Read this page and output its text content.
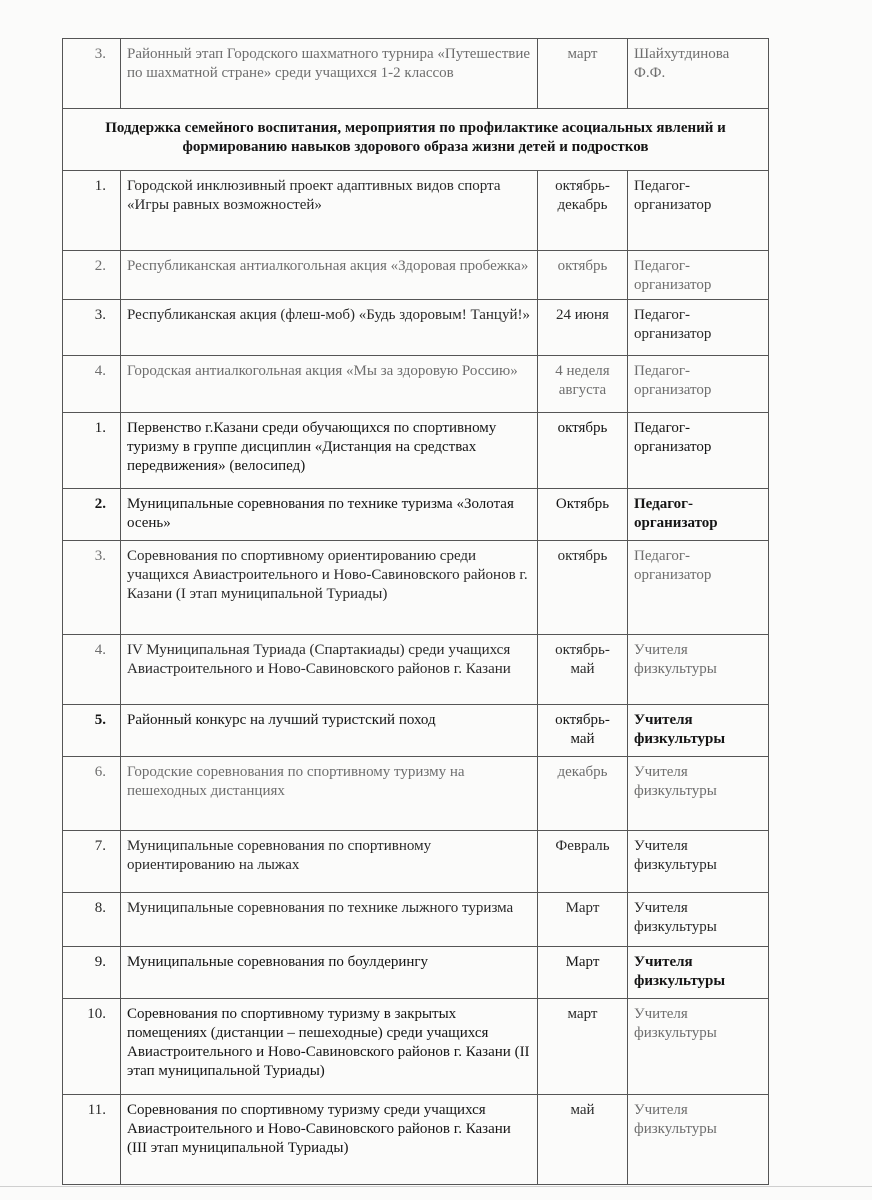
3.	Районный этап Городского шахматного турнира «Путешествие по шахматной стране» среди учащихся 1-2 классов	март	Шайхутдинова Ф.Ф.
Поддержка семейного воспитания, мероприятия по профилактике асоциальных явлений и формированию навыков здорового образа жизни детей и подростков			
1.	Городской инклюзивный проект адаптивных видов спорта «Игры равных возможностей»	октябрь-декабрь	Педагог-организатор
2.	Республиканская антиалкогольная акция «Здоровая пробежка»	октябрь	Педагог-организатор
3.	Республиканская акция (флеш-моб) «Будь здоровым! Танцуй!»	24 июня	Педагог-организатор
4.	Городская антиалкогольная акция «Мы за здоровую Россию»	4 неделя августа	Педагог-организатор
1.	Первенство г.Казани среди обучающихся по спортивному туризму в группе дисциплин «Дистанция на средствах передвижения» (велосипед)	октябрь	Педагог-организатор
2.	Муниципальные соревнования по технике туризма «Золотая осень»	Октябрь	Педагог-организатор
3.	Соревнования по спортивному ориентированию среди учащихся Авиастроительного и Ново-Савиновского районов г. Казани (I этап муниципальной Туриады)	октябрь	Педагог-организатор
4.	IV Муниципальная Туриада (Спартакиады) среди учащихся Авиастроительного и Ново-Савиновского районов г. Казани	октябрь-май	Учителя физкультуры
5.	Районный конкурс на лучший туристский поход	октябрь-май	Учителя физкультуры
6.	Городские соревнования по спортивному туризму на пешеходных дистанциях	декабрь	Учителя физкультуры
7.	Муниципальные соревнования по спортивному ориентированию на лыжах	Февраль	Учителя физкультуры
8.	Муниципальные соревнования по технике лыжного туризма	Март	Учителя физкультуры
9.	Муниципальные соревнования по боулдерингу	Март	Учителя физкультуры
10.	Соревнования по спортивному туризму в закрытых помещениях (дистанции – пешеходные) среди учащихся Авиастроительного и Ново-Савиновского районов г. Казани (II этап муниципальной Туриады)	март	Учителя физкультуры
11.	Соревнования по спортивному туризму среди учащихся Авиастроительного и Ново-Савиновского районов г. Казани (III этап муниципальной Туриады)	май	Учителя физкультуры
